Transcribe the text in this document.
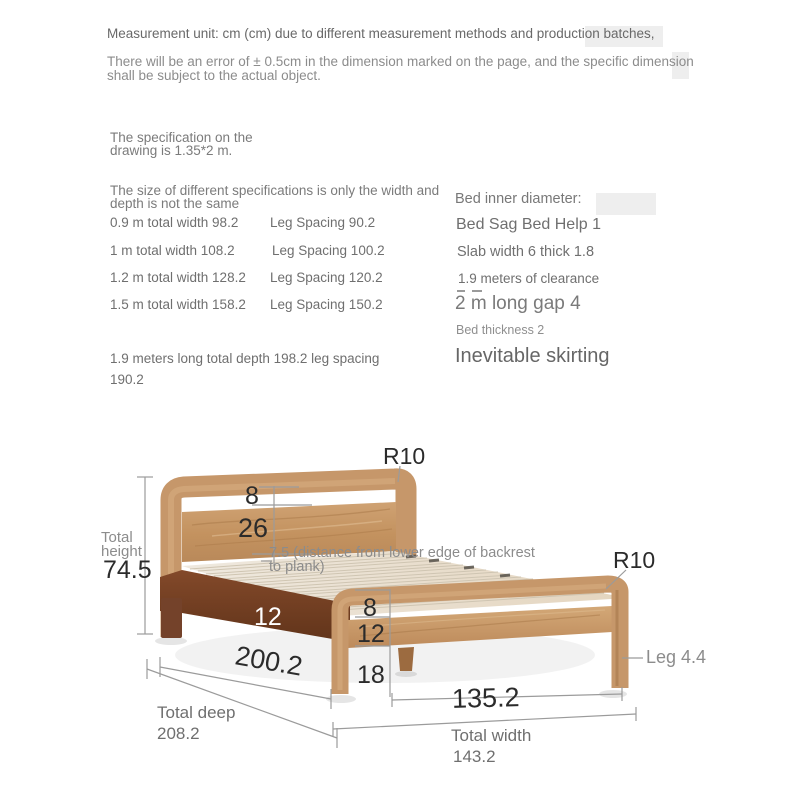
Measurement unit: cm (cm) due to different measurement methods and production batches,
There will be an error of ± 0.5cm in the dimension marked on the page, and the specific dimension
shall be subject to the actual object.
The specification on the
drawing is 1.35*2 m.
The size of different specifications is only the width and
depth is not the same
0.9 m total width 98.2 Leg Spacing 90.2
1 m total width 108.2	Leg Spacing 100.2
1.2 m total width 128.2 Leg Spacing 120.2
1.5 m total width 158.2 Leg Spacing 150.2
1.9 meters long total depth 198.2 leg spacing
190.2
Bed inner diameter:
Bed Sag Bed Help 1
Slab width 6 thick 1.8
1.9 meters of clearance
2 m long gap 4
Bed thickness 2
Inevitable skirting
R10
R10
8
26
7.5 (distance from lower edge of backrest
to plank)
Total
height
74.5
12	8
12
18
200.2
135.2
Leg 4.4
Total deep
208.2	Total width
143.2
